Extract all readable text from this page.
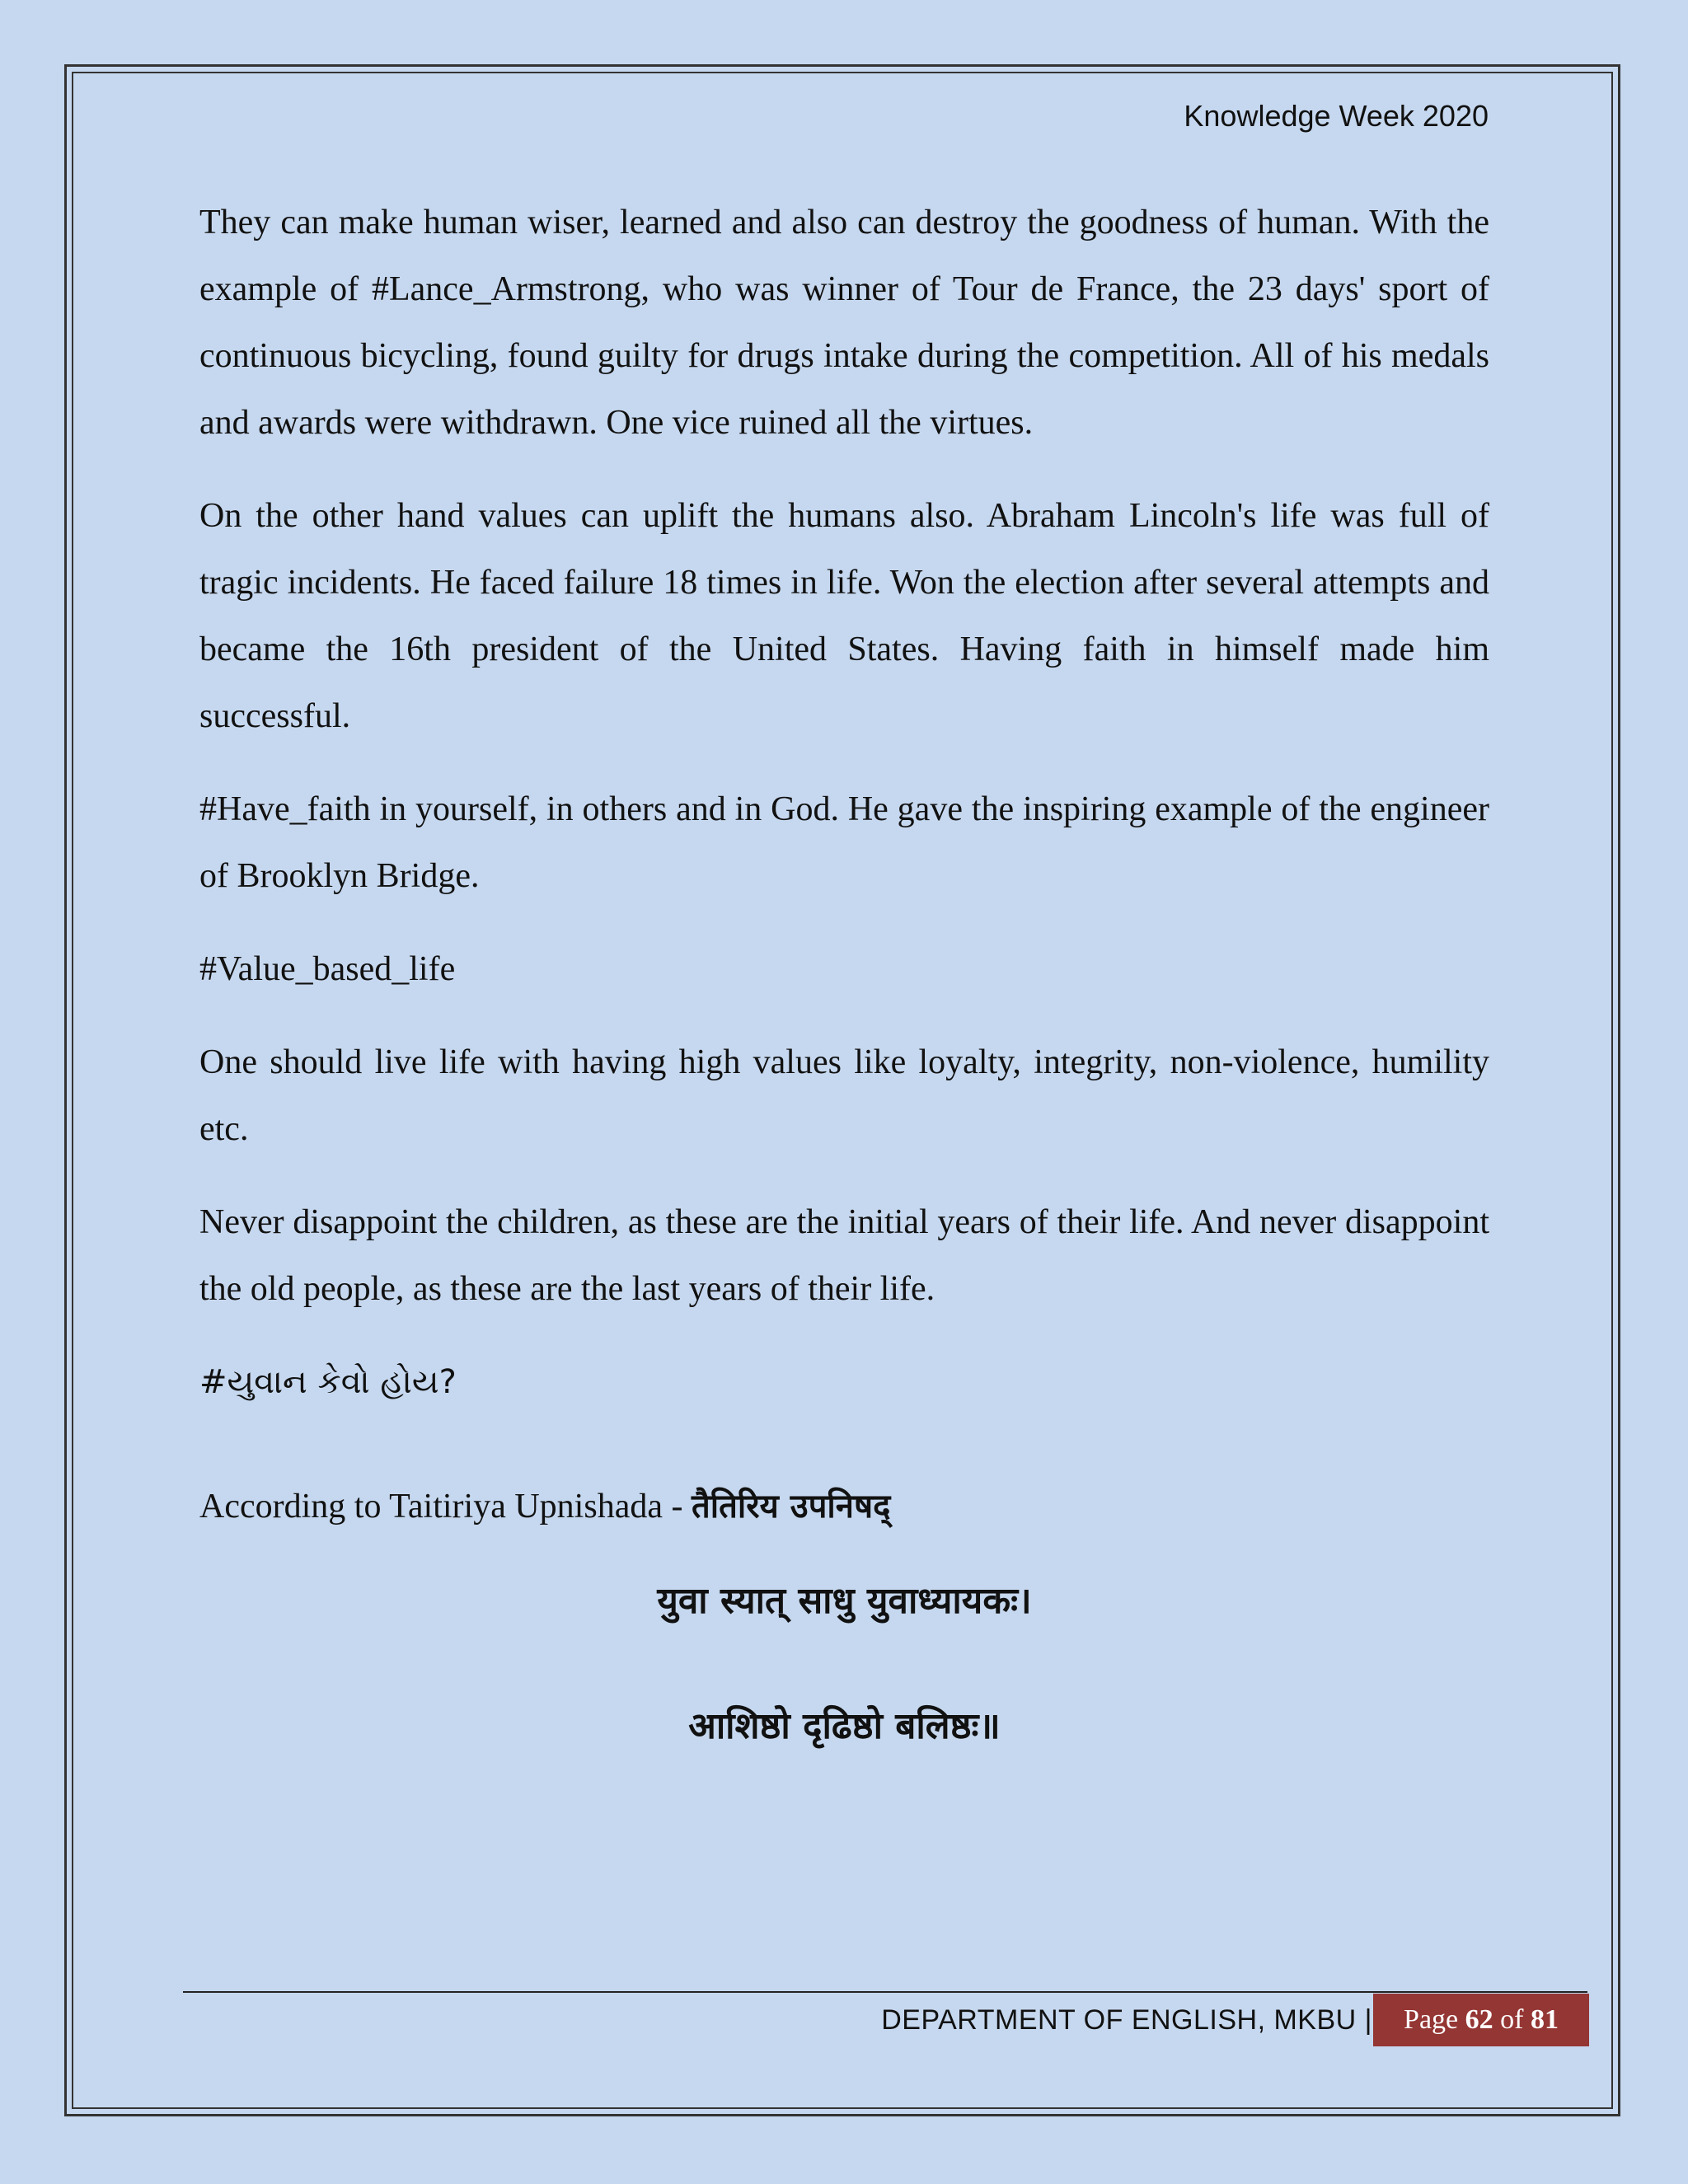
Knowledge Week 2020

They can make human wiser, learned and also can destroy the goodness of human. With the example of #Lance_Armstrong, who was winner of Tour de France, the 23 days' sport of continuous bicycling, found guilty for drugs intake during the competition. All of his medals and awards were withdrawn. One vice ruined all the virtues.

On the other hand values can uplift the humans also. Abraham Lincoln's life was full of tragic incidents. He faced failure 18 times in life. Won the election after several attempts and became the 16th president of the United States. Having faith in himself made him successful.

#Have_faith in yourself, in others and in God. He gave the inspiring example of the engineer of Brooklyn Bridge.

#Value_based_life

One should live life with having high values like loyalty, integrity, non-violence, humility etc.

Never disappoint the children, as these are the initial years of their life. And never disappoint the old people, as these are the last years of their life.

#યુવાન કેવો હોય?

According to Taitiriya Upnishada - तैतिरिय उपनिषद्

युवा स्यात् साधु युवाध्यायकः।

आशिष्ठो दृढिष्ठो बलिष्ठः॥

DEPARTMENT OF ENGLISH, MKBU |	Page 62 of 81
